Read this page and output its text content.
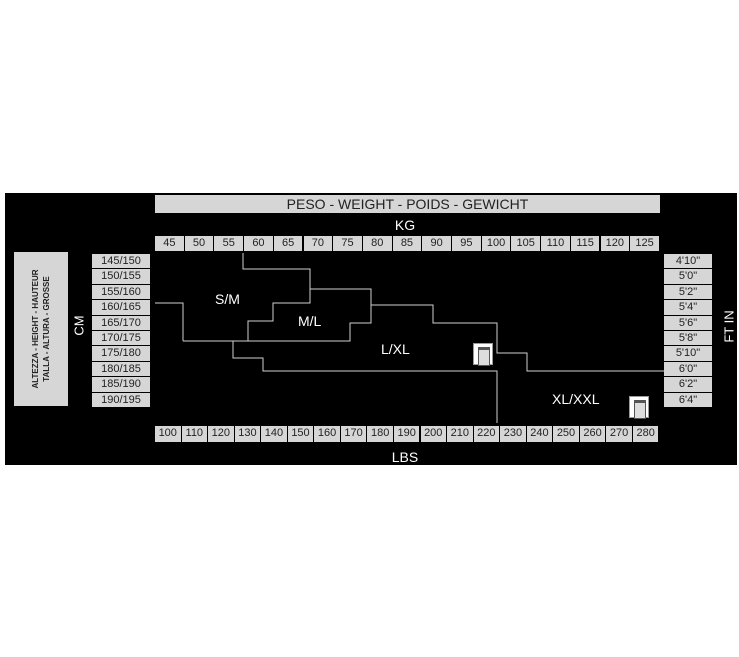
PESO - WEIGHT - POIDS - GEWICHT
KG
45	50	55	60	65	70	75	80	85	90	95	100	105	110	115	120	125
100 110 120 130 140 150 160 170 180 190 200 210 220 230 240 250 260 270 280
145/150
150/155
155/160
160/165
165/170
170/175
175/180
180/185
185/190
190/195
4'10"
5'0"
5'2"
5'4"
5'6"
5'8"
5'10"
6'0"
6'2"
6'4"
LBS
ALTEZZA - HEIGHT - HAUTEUR TALLA - ALTURA - GROSSE CM	FT IN
S/M
M/L
L/XL
XL/XXL
